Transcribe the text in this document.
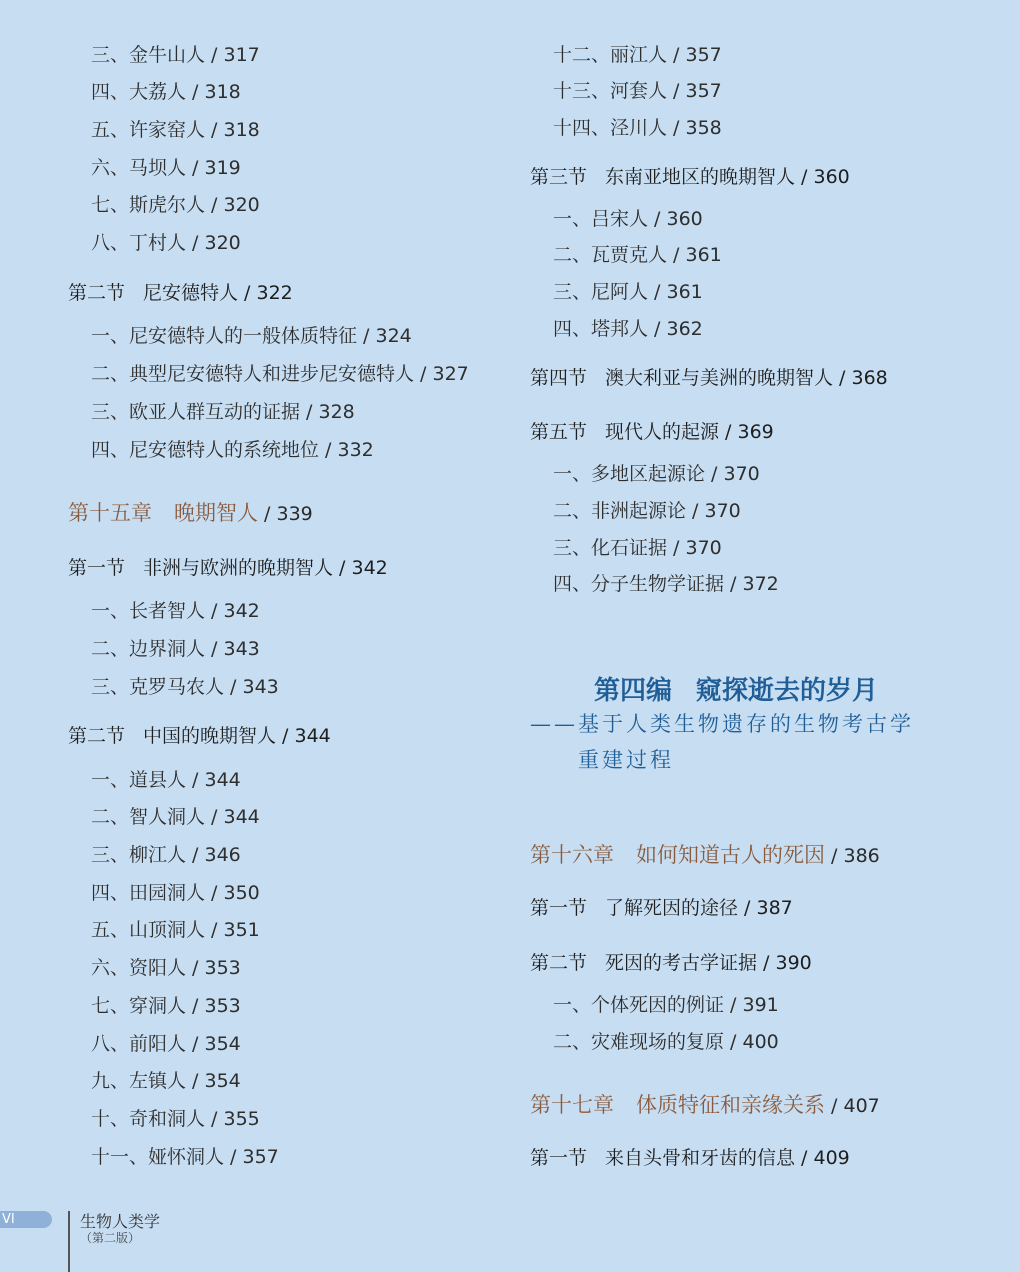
三、金牛山人 / 317
四、大荔人 / 318
五、许家窑人 / 318
六、马坝人 / 319
七、斯虎尔人 / 320
八、丁村人 / 320
第二节 尼安德特人 / 322
一、尼安德特人的一般体质特征 / 324
二、典型尼安德特人和进步尼安德特人 / 327
三、欧亚人群互动的证据 / 328
四、尼安德特人的系统地位 / 332
第十五章 晚期智人 / 339
第一节 非洲与欧洲的晚期智人 / 342
一、长者智人 / 342
二、边界洞人 / 343
三、克罗马农人 / 343
第二节 中国的晚期智人 / 344
一、道县人 / 344
二、智人洞人 / 344
三、柳江人 / 346
四、田园洞人 / 350
五、山顶洞人 / 351
六、资阳人 / 353
七、穿洞人 / 353
八、前阳人 / 354
九、左镇人 / 354
十、奇和洞人 / 355
十一、娅怀洞人 / 357
十二、丽江人 / 357
十三、河套人 / 357
十四、泾川人 / 358
第三节 东南亚地区的晚期智人 / 360
一、吕宋人 / 360
二、瓦贾克人 / 361
三、尼阿人 / 361
四、塔邦人 / 362
第四节 澳大利亚与美洲的晚期智人 / 368
第五节 现代人的起源 / 369
一、多地区起源论 / 370
二、非洲起源论 / 370
三、化石证据 / 370
四、分子生物学证据 / 372
第十六章 如何知道古人的死因 / 386
第一节 了解死因的途径 / 387
第二节 死因的考古学证据 / 390
一、个体死因的例证 / 391
二、灾难现场的复原 / 400
第十七章 体质特征和亲缘关系 / 407
第一节 来自头骨和牙齿的信息 / 409
第四编 窥探逝去的岁月
——基于人类生物遗存的生物考古学
重建过程
VI	生物人类学
（第二版）
